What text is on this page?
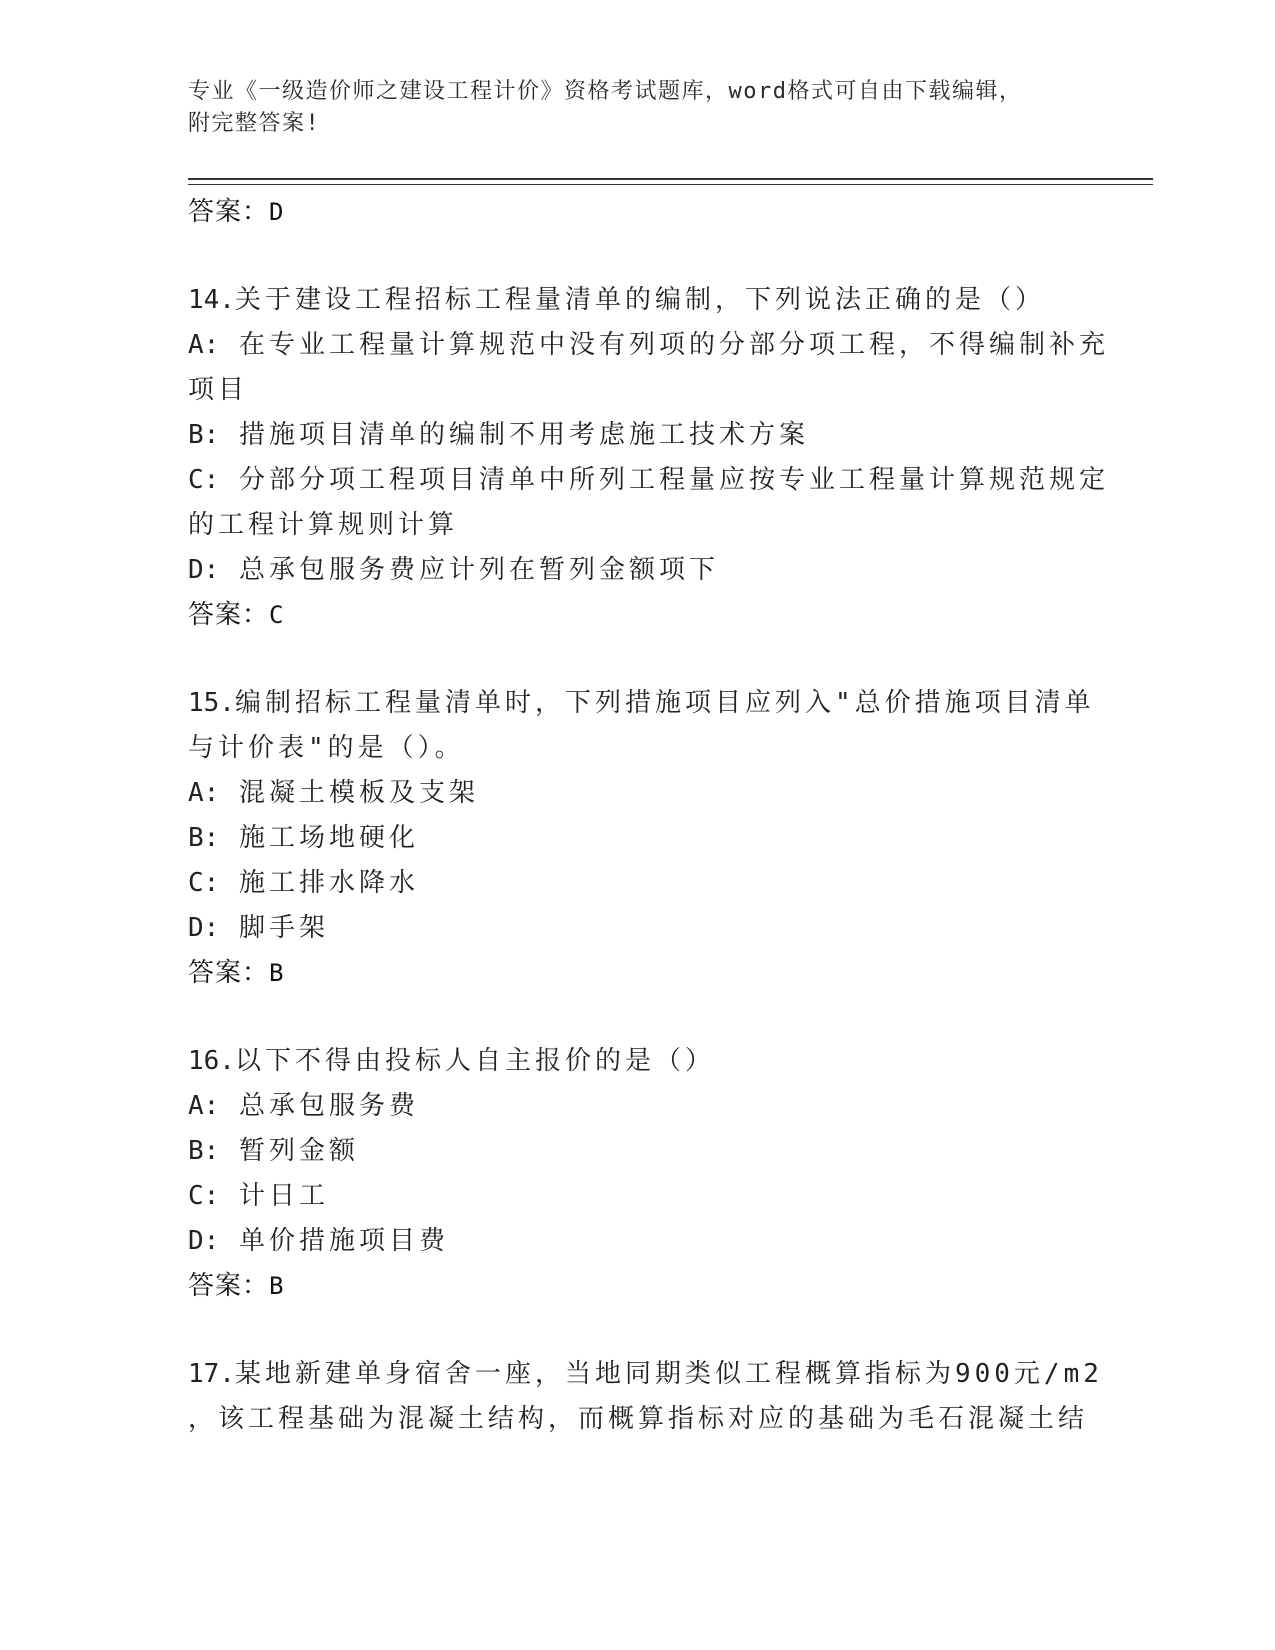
专业《一级造价师之建设工程计价》资格考试题库，word格式可自由下载编辑，
附完整答案!
答案：D
14.关于建设工程招标工程量清单的编制，下列说法正确的是（）
A: 在专业工程量计算规范中没有列项的分部分项工程，不得编制补充
项目
B: 措施项目清单的编制不用考虑施工技术方案
C: 分部分项工程项目清单中所列工程量应按专业工程量计算规范规定
的工程计算规则计算
D: 总承包服务费应计列在暂列金额项下
答案：C
15.编制招标工程量清单时，下列措施项目应列入"总价措施项目清单
与计价表"的是（）。
A: 混凝土模板及支架
B: 施工场地硬化
C: 施工排水降水
D: 脚手架
答案：B
16.以下不得由投标人自主报价的是（）
A: 总承包服务费
B: 暂列金额
C: 计日工
D: 单价措施项目费
答案：B
17.某地新建单身宿舍一座，当地同期类似工程概算指标为900元/m2
，该工程基础为混凝土结构，而概算指标对应的基础为毛石混凝土结
